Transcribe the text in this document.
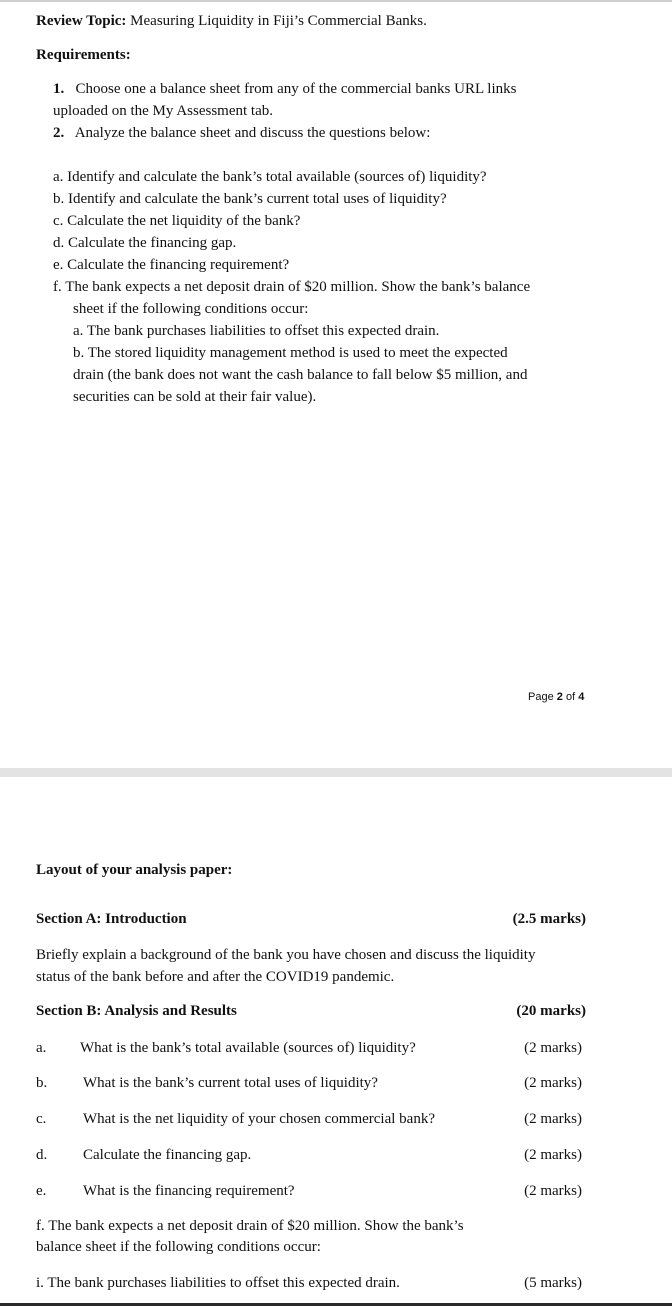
Review Topic: Measuring Liquidity in Fiji’s Commercial Banks.
Requirements:
1. Choose one a balance sheet from any of the commercial banks URL links
uploaded on the My Assessment tab.
2. Analyze the balance sheet and discuss the questions below:
a. Identify and calculate the bank’s total available (sources of) liquidity?
b. Identify and calculate the bank’s current total uses of liquidity?
c. Calculate the net liquidity of the bank?
d. Calculate the financing gap.
e. Calculate the financing requirement?
f. The bank expects a net deposit drain of $20 million. Show the bank’s balance
sheet if the following conditions occur:
a. The bank purchases liabilities to offset this expected drain.
b. The stored liquidity management method is used to meet the expected
drain (the bank does not want the cash balance to fall below $5 million, and
securities can be sold at their fair value).
Page 2 of 4
Layout of your analysis paper:
Section A: Introduction	(2.5 marks)
Briefly explain a background of the bank you have chosen and discuss the liquidity
status of the bank before and after the COVID19 pandemic.
Section B: Analysis and Results	(20 marks)
a. What is the bank’s total available (sources of) liquidity?	(2 marks)
b. What is the bank’s current total uses of liquidity?	(2 marks)
c. What is the net liquidity of your chosen commercial bank?	(2 marks)
d. Calculate the financing gap.	(2 marks)
e. What is the financing requirement?	(2 marks)
f. The bank expects a net deposit drain of $20 million. Show the bank’s
balance sheet if the following conditions occur:
i. The bank purchases liabilities to offset this expected drain.	(5 marks)
